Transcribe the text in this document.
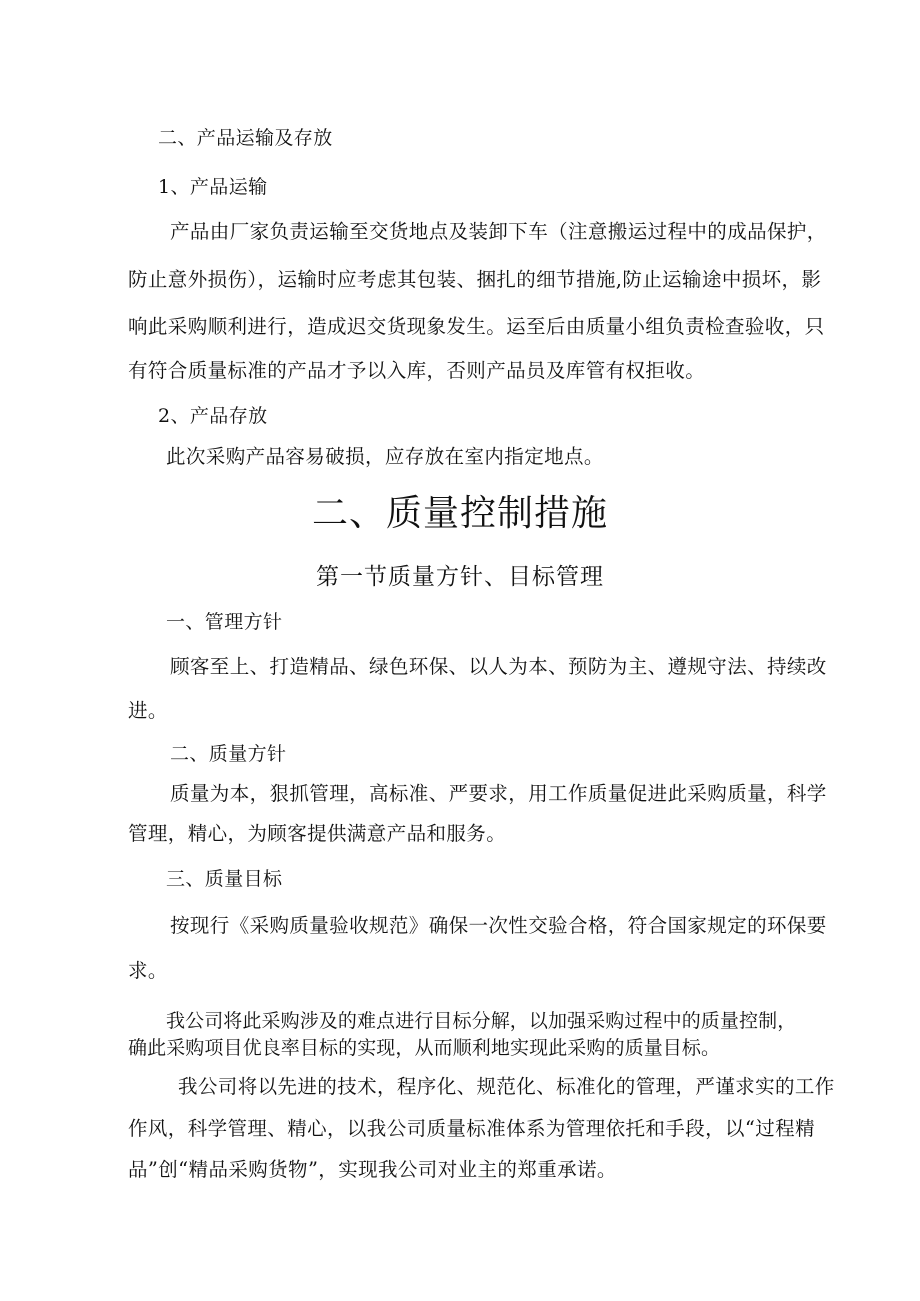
二、产品运输及存放

1、产品运输

产品由厂家负责运输至交货地点及装卸下车（注意搬运过程中的成品保护，

防止意外损伤），运输时应考虑其包装、捆扎的细节措施,防止运输途中损坏，影

响此采购顺利进行，造成迟交货现象发生。运至后由质量小组负责检查验收，只

有符合质量标准的产品才予以入库，否则产品员及库管有权拒收。

2、产品存放

此次采购产品容易破损，应存放在室内指定地点。

二、质量控制措施
第一节质量方针、目标管理

一、管理方针

顾客至上、打造精品、绿色环保、以人为本、预防为主、遵规守法、持续改

进。

二、质量方针

质量为本，狠抓管理，高标准、严要求，用工作质量促进此采购质量，科学

管理，精心，为顾客提供满意产品和服务。

三、质量目标

按现行《采购质量验收规范》确保一次性交验合格，符合国家规定的环保要

求。

我公司将此采购涉及的难点进行目标分解，以加强采购过程中的质量控制，

确此采购项目优良率目标的实现，从而顺利地实现此采购的质量目标。

我公司将以先进的技术，程序化、规范化、标准化的管理，严谨求实的工作

作风，科学管理、精心，以我公司质量标准体系为管理依托和手段，以“过程精

品”创“精品采购货物”，实现我公司对业主的郑重承诺。
